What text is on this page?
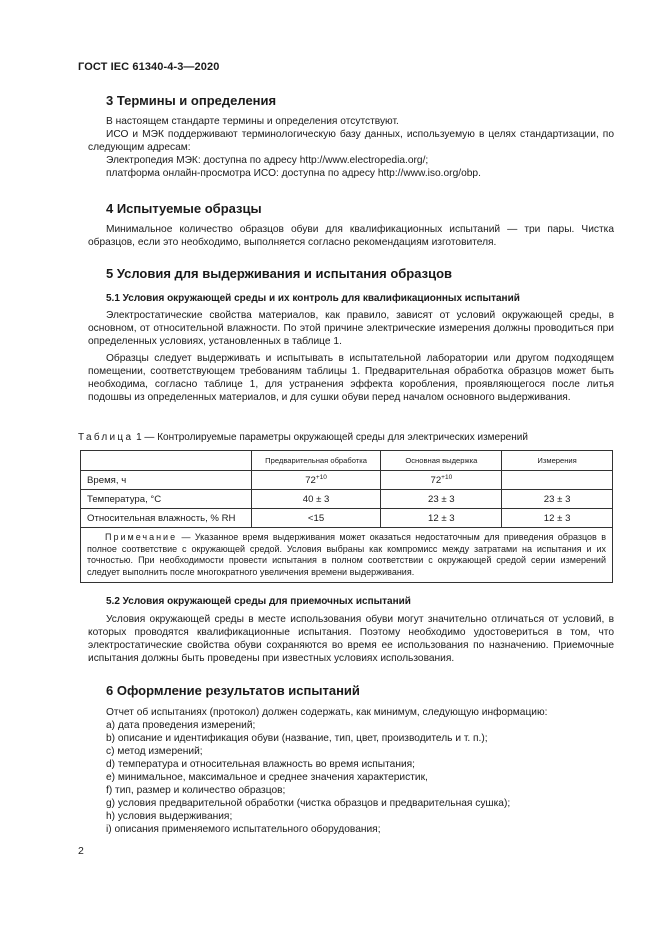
ГОСТ IEC 61340-4-3—2020
3 Термины и определения

В настоящем стандарте термины и определения отсутствуют.

ИСО и МЭК поддерживают терминологическую базу данных, используемую в целях стандартизации, по следующим адресам:

Электропедия МЭК: доступна по адресу http://www.electropedia.org/;

платформа онлайн-просмотра ИСО: доступна по адресу http://www.iso.org/obp.

4 Испытуемые образцы

Минимальное количество образцов обуви для квалификационных испытаний — три пары. Чистка образцов, если это необходимо, выполняется согласно рекомендациям изготовителя.

5 Условия для выдерживания и испытания образцов
5.1 Условия окружающей среды и их контроль для квалификационных испытаний

Электростатические свойства материалов, как правило, зависят от условий окружающей среды, в основном, от относительной влажности. По этой причине электрические измерения должны проводиться при определенных условиях, установленных в таблице 1.

Образцы следует выдерживать и испытывать в испытательной лаборатории или другом подходящем помещении, соответствующем требованиям таблицы 1. Предварительная обработка образцов может быть необходима, согласно таблице 1, для устранения эффекта коробления, проявляющегося после литья подошвы из определенных материалов, и для сушки обуви перед началом основного выдерживания.

Таблица 1 — Контролируемые параметры окружающей среды для электрических измерений
	Предварительная обработка	Основная выдержка	Измерения
Время, ч	$72^{+10}$	$72^{+10}$	
Температура, °C	40 ± 3	23 ± 3	23 ± 3
Относительная влажность, % RH	<15	12 ± 3	12 ± 3
Примечание — Указанное время выдерживания может оказаться недостаточным для приведения образцов в полное соответствие с окружающей средой. Условия выбраны как компромисс между затратами на испытания и их точностью. При необходимости провести испытания в полном соответствии с окружающей средой серии измерений следует выполнить после многократного увеличения времени выдерживания.			
5.2 Условия окружающей среды для приемочных испытаний

Условия окружающей среды в месте использования обуви могут значительно отличаться от условий, в которых проводятся квалификационные испытания. Поэтому необходимо удостовериться в том, что электростатические свойства обуви сохраняются во время ее использования по назначению. Приемочные испытания должны быть проведены при известных условиях использования.

6 Оформление результатов испытаний

Отчет об испытаниях (протокол) должен содержать, как минимум, следующую информацию:

a) дата проведения измерений;
b) описание и идентификация обуви (название, тип, цвет, производитель и т. п.);
c) метод измерений;
d) температура и относительная влажность во время испытания;
e) минимальное, максимальное и среднее значения характеристик,
f) тип, размер и количество образцов;
g) условия предварительной обработки (чистка образцов и предварительная сушка);
h) условия выдерживания;
i) описания применяемого испытательного оборудования;
2
